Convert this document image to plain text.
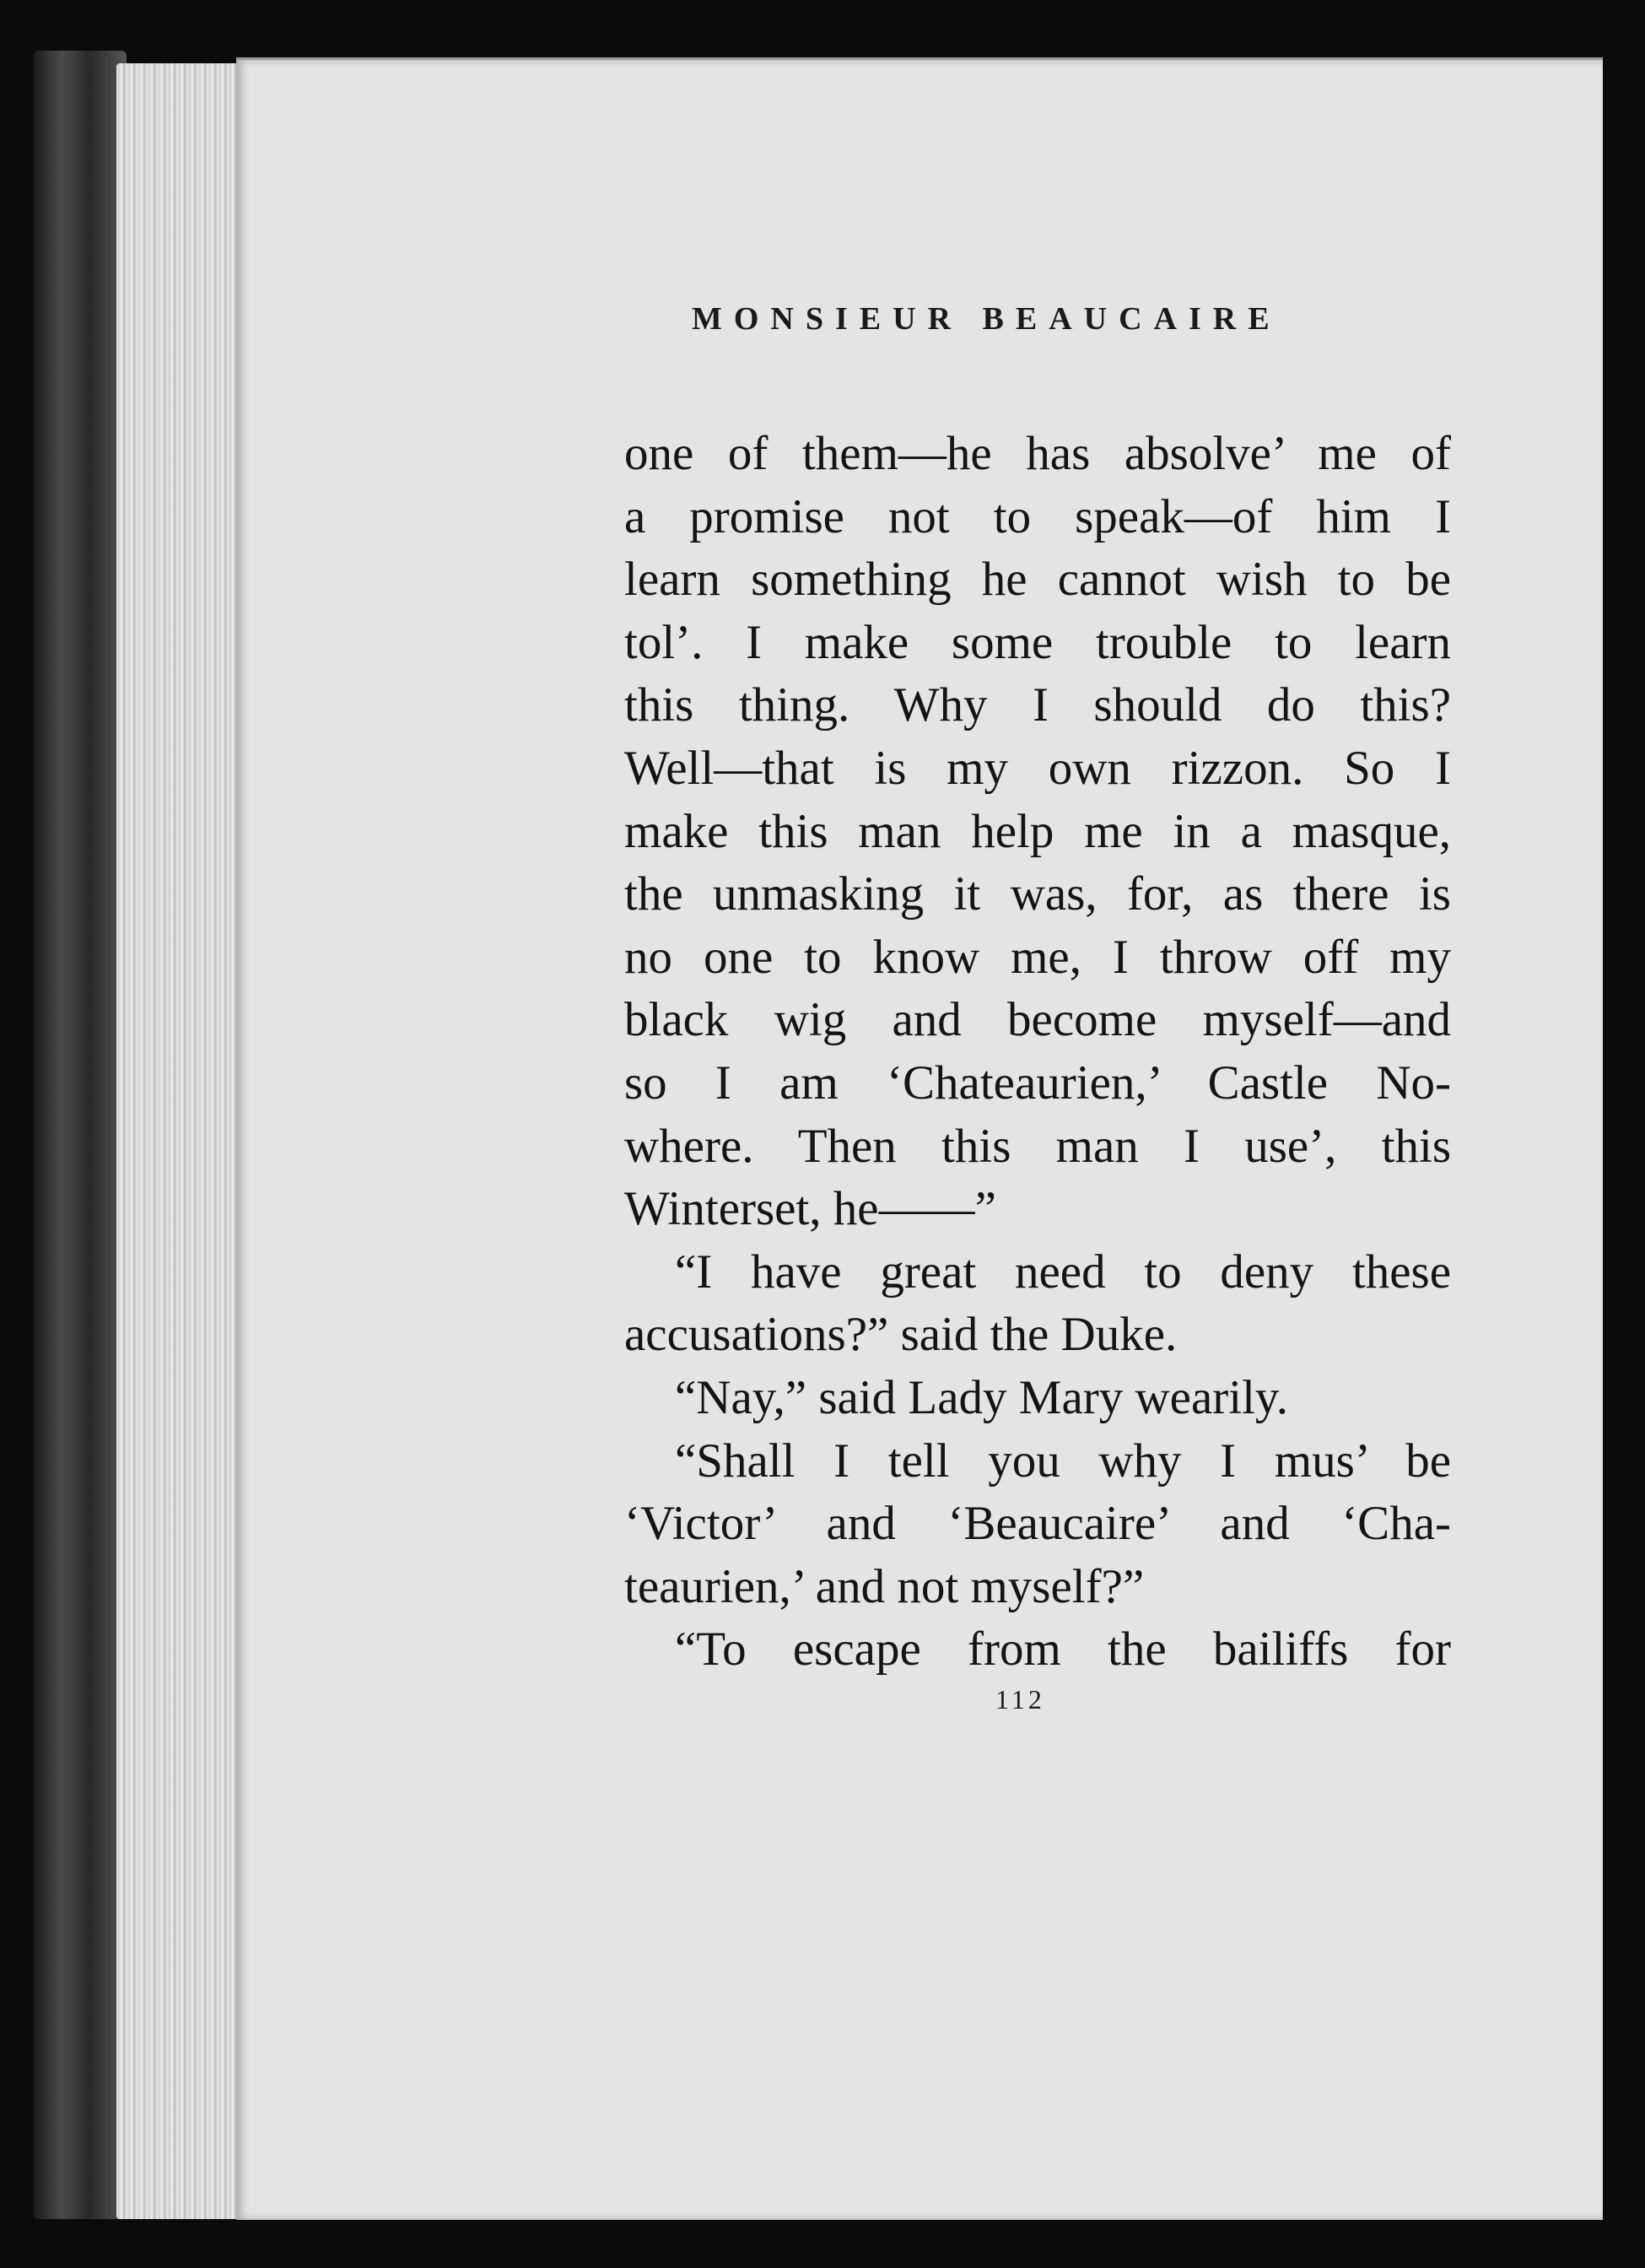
MONSIEUR BEAUCAIRE
one of them—he has absolve’ me of
a promise not to speak—of him I
learn something he cannot wish to be
tol’. I make some trouble to learn
this thing. Why I should do this?
Well—that is my own rizzon. So I
make this man help me in a masque,
the unmasking it was, for, as there is
no one to know me, I throw off my
black wig and become myself—and
so I am ‘Chateaurien,’ Castle No-
where. Then this man I use’, this
Winterset, he——”
“I have great need to deny these
accusations?” said the Duke.
“Nay,” said Lady Mary wearily.
“Shall I tell you why I mus’ be
‘Victor’ and ‘Beaucaire’ and ‘Cha-
teaurien,’ and not myself?”
“To escape from the bailiffs for
112
